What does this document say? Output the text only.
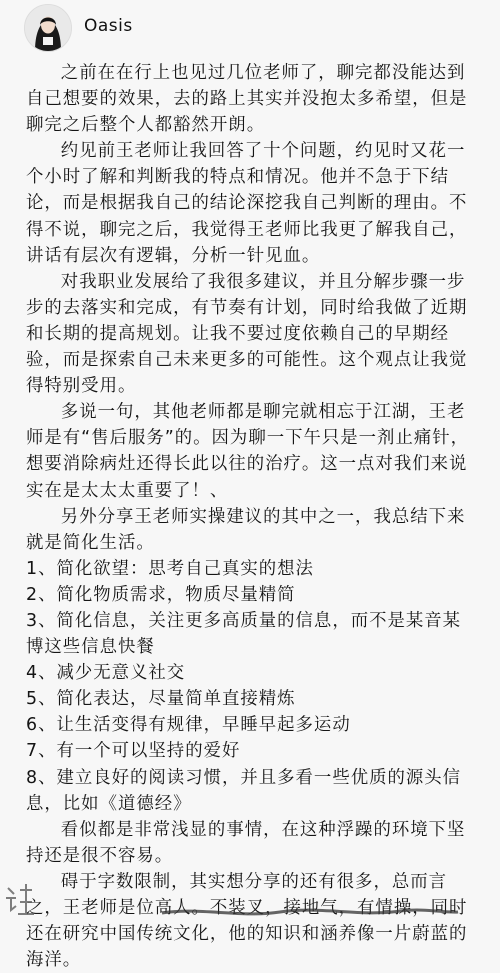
Oasis

之前在在行上也见过几位老师了，聊完都没能达到自己想要的效果，去的路上其实并没抱太多希望，但是聊完之后整个人都豁然开朗。

约见前王老师让我回答了十个问题，约见时又花一个小时了解和判断我的特点和情况。他并不急于下结论，而是根据我自己的结论深挖我自己判断的理由。不得不说，聊完之后，我觉得王老师比我更了解我自己，讲话有层次有逻辑，分析一针见血。

对我职业发展给了我很多建议，并且分解步骤一步步的去落实和完成，有节奏有计划，同时给我做了近期和长期的提高规划。让我不要过度依赖自己的早期经验，而是探索自己未来更多的可能性。这个观点让我觉得特别受用。

多说一句，其他老师都是聊完就相忘于江湖，王老师是有“售后服务”的。因为聊一下午只是一剂止痛针，想要消除病灶还得长此以往的治疗。这一点对我们来说实在是太太太重要了！、

另外分享王老师实操建议的其中之一，我总结下来就是简化生活。

1、简化欲望：思考自己真实的想法

2、简化物质需求，物质尽量精简

3、简化信息，关注更多高质量的信息，而不是某音某博这些信息快餐

4、减少无意义社交

5、简化表达，尽量简单直接精炼

6、让生活变得有规律，早睡早起多运动

7、有一个可以坚持的爱好

8、建立良好的阅读习惯，并且多看一些优质的源头信息，比如《道德经》

看似都是非常浅显的事情，在这种浮躁的环境下坚持还是很不容易。

碍于字数限制，其实想分享的还有很多，总而言之，王老师是位高人。不装叉，接地气，有情操，同时还在研究中国传统文化，他的知识和涵养像一片蔚蓝的海洋。
